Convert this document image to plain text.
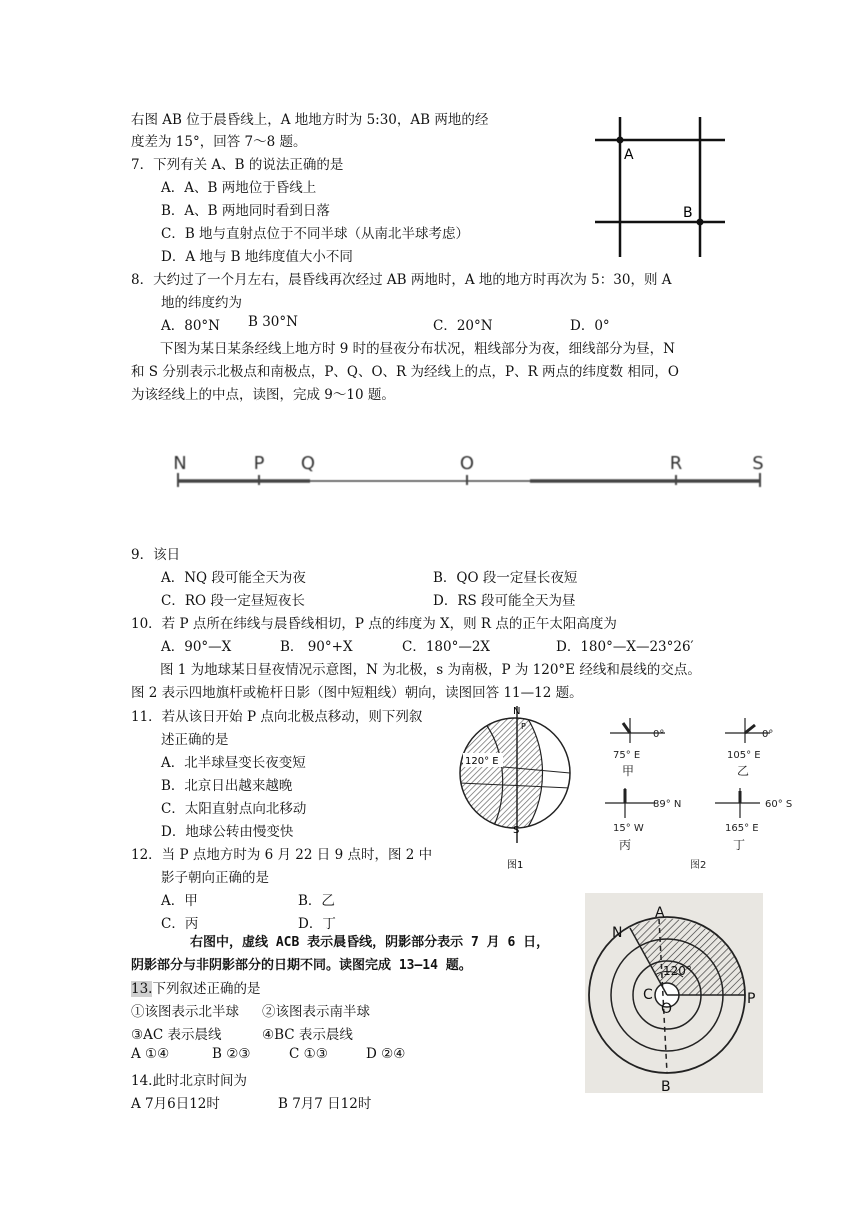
右图 AB 位于晨昏线上，A 地地方时为 5:30，AB 两地的经
度差为 15°，回答 7～8 题。
7．下列有关 A、B 的说法正确的是
A．A、B 两地位于昏线上
B．A、B 两地同时看到日落
C．B 地与直射点位于不同半球（从南北半球考虑）
D．A 地与 B 地纬度值大小不同
A
B
8．大约过了一个月左右，晨昏线再次经过 AB 两地时，A 地的地方时再次为 5：30，则 A
地的纬度约为
A．80°N B 30°N	C．20°N	D．0°
下图为某日某条经线上地方时 9 时的昼夜分布状况，粗线部分为夜，细线部分为昼，N
和 S 分别表示北极点和南极点，P、Q、O、R 为经线上的点，P、R 两点的纬度数 相同，O
为该经线上的中点，读图，完成 9～10 题。
N	P Q	O	R	S
9．该日
A．NQ 段可能全天为夜	B．QO 段一定昼长夜短
C．RO 段一定昼短夜长	D．RS 段可能全天为昼
10．若 P 点所在纬线与晨昏线相切，P 点的纬度为 X，则 R 点的正午太阳高度为
A．90°—X	B． 90°+X	C．180°—2X	D．180°—X—23°26′
图 1 为地球某日昼夜情况示意图，N 为北极，s 为南极，P 为 120°E 经线和晨线的交点。
图 2 表示四地旗杆或桅杆日影（图中短粗线）朝向，读图回答 11—12 题。
11．若从该日开始 P 点向北极点移动，则下列叙
述正确的是
A．北半球昼变长夜变短
B．北京日出越来越晚
C．太阳直射点向北移动
D．地球公转由慢变快
12．当 P 点地方时为 6 月 22 日 9 点时，图 2 中
影子朝向正确的是
A．甲	B．乙
C．丙	D．丁
N
S
P
120° E
图1
0°
75° E
甲
0°
105° E
乙
89° N
15° W
丙
60° S
165° E
丁
图2
右图中，虚线 ACB 表示晨昏线，阴影部分表示 7 月 6 日，
阴影部分与非阴影部分的日期不同。读图完成 13—14 题。
13.下列叙述正确的是
①该图表示北半球 ②该图表示南半球
③AC 表示晨线	④BC 表示晨线
A ①④	B ②③	C ①③	D ②④
14.此时北京时间为
A 7月6日12时	B 7月7 日12时
N
A
P
C
O
B
120°
